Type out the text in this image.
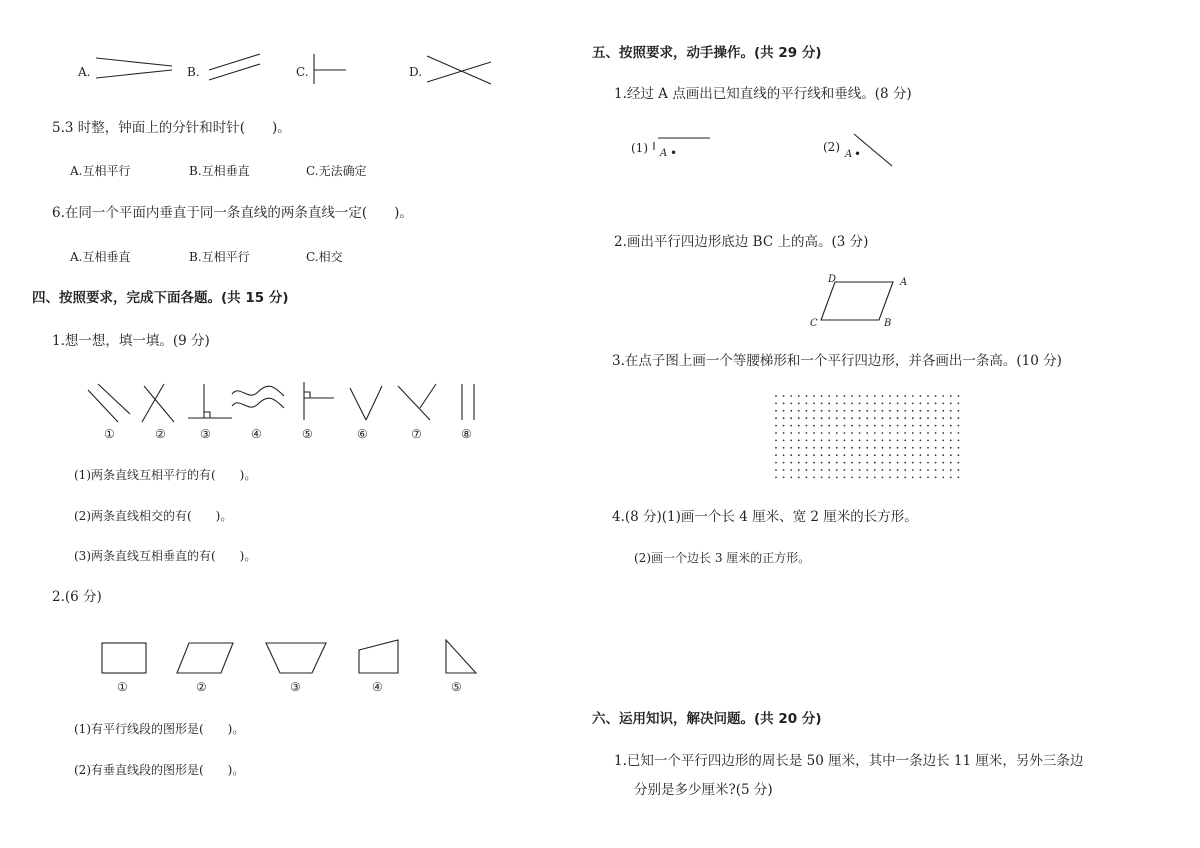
A.	B.	C.	D.
5.3 时整，钟面上的分针和时针(　　)。
A.互相平行	B.互相垂直	C.无法确定
6.在同一个平面内垂直于同一条直线的两条直线一定(　　)。
A.互相垂直	B.互相平行	C.相交
四、按照要求，完成下面各题。(共 15 分)
1.想一想，填一填。(9 分)
①	②	③	④	⑤	⑥	⑦	⑧
(1)两条直线互相平行的有(　　)。
(2)两条直线相交的有(　　)。
(3)两条直线互相垂直的有(　　)。
2.(6 分)
①	②	③	④	⑤
(1)有平行线段的图形是(　　)。
(2)有垂直线段的图形是(　　)。
五、按照要求，动手操作。(共 29 分)
1.经过 A 点画出已知直线的平行线和垂线。(8 分)
(1) A •	(2)
A •
2.画出平行四边形底边 BC 上的高。(3 分)
D	A
C	B
3.在点子图上画一个等腰梯形和一个平行四边形，并各画出一条高。(10 分)
4.(8 分)(1)画一个长 4 厘米、宽 2 厘米的长方形。
(2)画一个边长 3 厘米的正方形。
六、运用知识，解决问题。(共 20 分)
1.已知一个平行四边形的周长是 50 厘米，其中一条边长 11 厘米，另外三条边
分别是多少厘米?(5 分)
